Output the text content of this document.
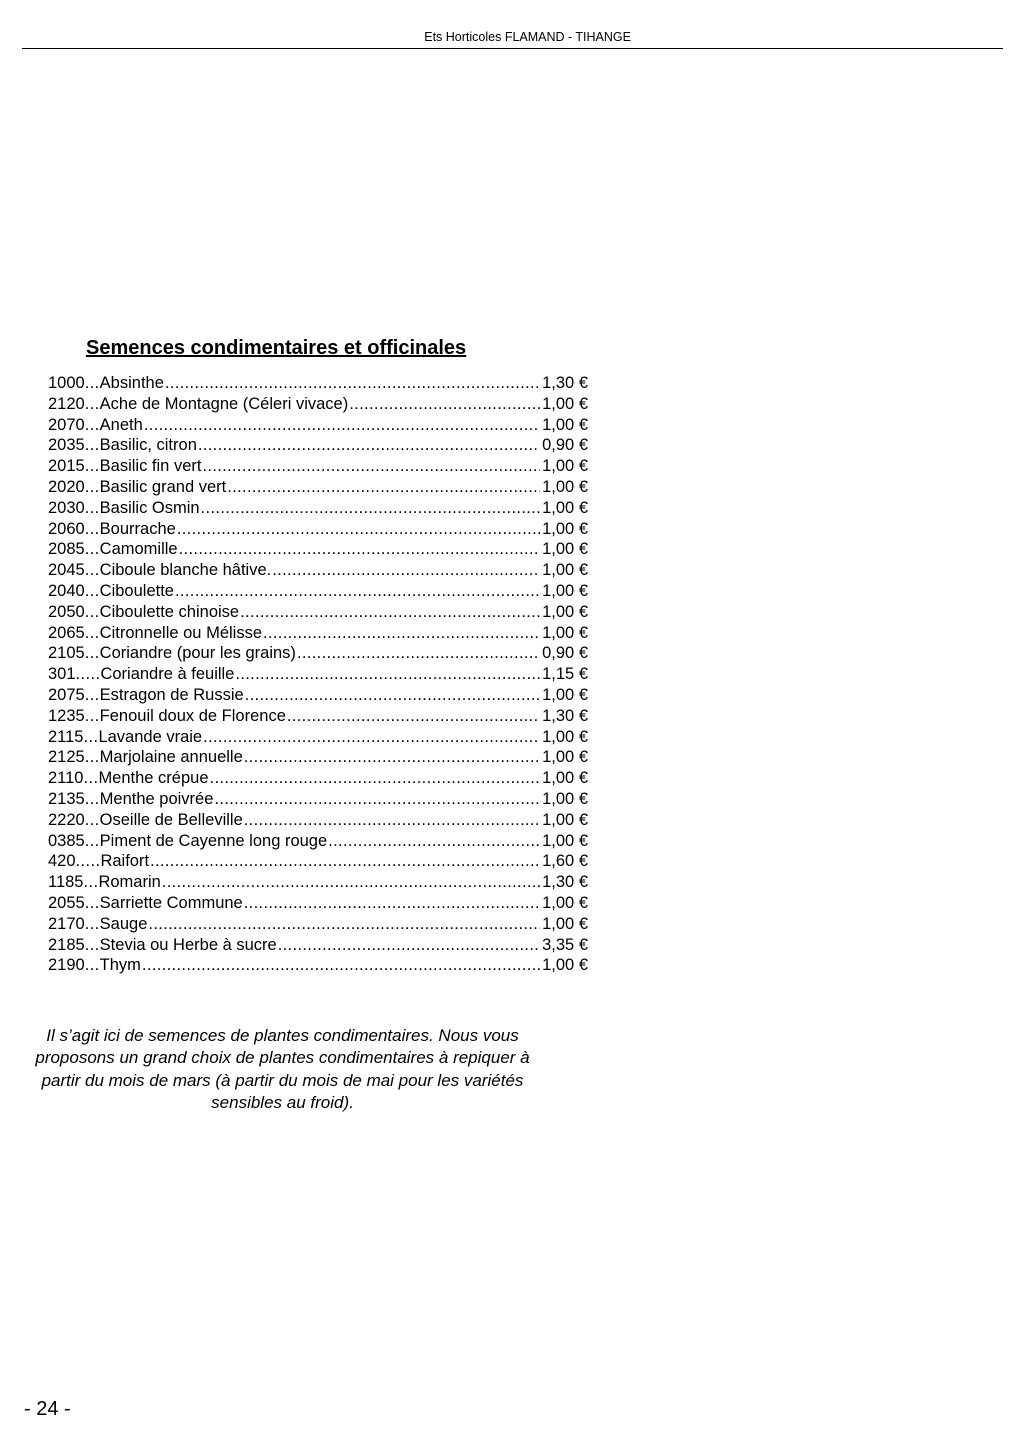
Ets Horticoles FLAMAND - TIHANGE
Semences condimentaires et officinales
1000 ... Absinthe .....	1,30 €
2120 ... Ache de Montagne (Céleri vivace) .....	1,00 €
2070 ... Aneth .....	1,00 €
2035 ... Basilic, citron .....	0,90 €
2015 ... Basilic fin vert .....	1,00 €
2020 ... Basilic grand vert .....	1,00 €
2030 ... Basilic Osmin .....	1,00 €
2060 ... Bourrache .....	1,00 €
2085 ... Camomille .....	1,00 €
2045 ... Ciboule blanche hâtive. .....	1,00 €
2040 ... Ciboulette .....	1,00 €
2050 ... Ciboulette chinoise .....	1,00 €
2065 ... Citronnelle ou Mélisse .....	1,00 €
2105 ... Coriandre (pour les grains) .....	0,90 €
301 ..... Coriandre à feuille .....	1,15 €
2075 ... Estragon de Russie .....	1,00 €
1235 ... Fenouil doux de Florence .....	1,30 €
2115 ... Lavande vraie .....	1,00 €
2125 ... Marjolaine annuelle .....	1,00 €
2110 ... Menthe crépue .....	1,00 €
2135 ... Menthe poivrée .....	1,00 €
2220 ... Oseille de Belleville .....	1,00 €
0385 ... Piment de Cayenne long rouge .....	1,00 €
420 ..... Raifort .....	1,60 €
1185 ... Romarin .....	1,30 €
2055 ... Sarriette Commune .....	1,00 €
2170 ... Sauge .....	1,00 €
2185 ... Stevia ou Herbe à sucre .....	3,35 €
2190 ... Thym .....	1,00 €

Il s’agit ici de semences de plantes condimentaires. Nous vous proposons un grand choix de plantes condimentaires à repiquer à partir du mois de mars (à partir du mois de mai pour les variétés sensibles au froid).

- 24 -
